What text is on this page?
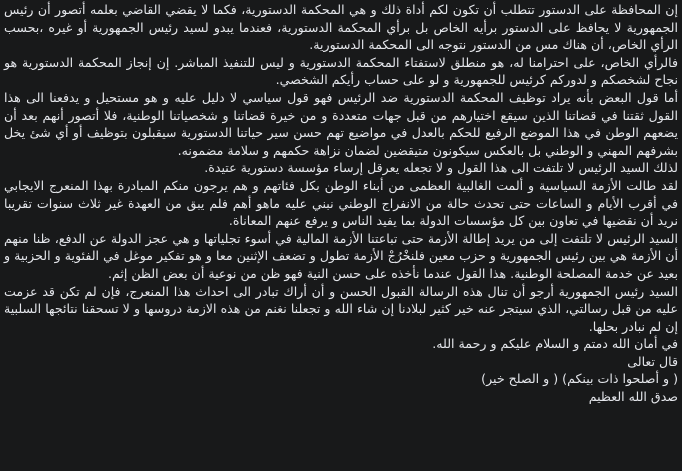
إن المحافظة على الدستور تتطلب أن تكون لكم أداة ذلك و هي المحكمة الدستورية، فكما لا يقضي القاضي بعلمه أتصور أن رئيس الجمهورية لا يحافظ على الدستور برأيه الخاص بل برأي المحكمة الدستورية، فعندما يبدو لسيد رئيس الجمهورية أو غيره ،بحسب الرأي الخاص، أن هناك مس من الدستور نتوجه الى المحكمة الدستورية.

فالرأي الخاص، على احترامنا له، هو منطلق لاستفتاء المحكمة الدستورية و ليس للتنفيذ المباشر. إن إنجاز المحكمة الدستورية هو نجاح لشخصكم و لدوركم كرئيس للجمهورية و لو على حساب رأيكم الشخصي.

أما قول البعض بأنه يراد توظيف المحكمة الدستورية ضد الرئيس فهو قول سياسي لا دليل عليه و هو مستحيل و يدفعنا الى هذا القول ثقتنا في قضاتنا الذين سيقع اختيارهم من قبل جهات متعددة و من خيرة قضاتنا و شخصياتنا الوطنية، فلا أتصور أنهم بعد أن يضعهم الوطن في هذا الموضع الرفيع للحكم بالعدل في مواضيع تهم حسن سير حياتنا الدستورية سيقبلون بتوظيف أو أي شئ يخل بشرفهم المهني و الوطني بل بالعكس سيكونون متيقضين لضمان نزاهة حكمهم و سلامة مضمونه.

لذلك السيد الرئيس لا تلتفت الى هذا القول و لا تجعله يعرقل إرساء مؤسسة دستورية عتيدة.

لقد طالت الأزمة السياسية و ألمت الغالبية العظمى من أبناء الوطن بكل فئاتهم و هم يرجون منكم المبادرة بهذا المنعرج الايجابي في أقرب الأيام و الساعات حتى تحدث حالة من الانفراج الوطني نبني عليه ماهو أهم فلم يبق من العهدة غير ثلاث سنوات تقريبا نريد أن نقضيها في تعاون بين كل مؤسسات الدولة بما يفيد الناس و يرفع عنهم المعاناة.

السيد الرئيس لا تلتفت إلى من يريد إطالة الأزمة حتى تباعتنا الأزمة المالية في أسوء تجلياتها و هي عجز الدولة عن الدفع، ظنا منهم أن الأزمة هي بين رئيس الجمهورية و حزب معين فلنخْرُجْ الأزمة تطول و تضعف الإثنين معا و هو تفكير موغل في الفئوية و الحزبية و بعيد عن خدمة المصلحة الوطنية. هذا القول عندما نأخذه على حسن النية فهو ظن من نوعية أن بعض الظن إثم.

السيد رئيس الجمهورية أرجو أن تنال هذه الرسالة القبول الحسن و أن أراك تبادر الى احداث هذا المنعرج، فإن لم تكن قد عزمت عليه من قبل رسالتي، الذي سيتجر عنه خير كثير لبلادنا إن شاء الله و تجعلنا نغنم من هذه الازمة دروسها و لا تسحقنا نتائجها السلبية إن لم نبادر بحلها.

في أمان الله دمتم و السلام عليكم و رحمة الله.

قال تعالى

( و أصلحوا ذات بينكم) ( و الصلح خير)

صدق الله العظيم
